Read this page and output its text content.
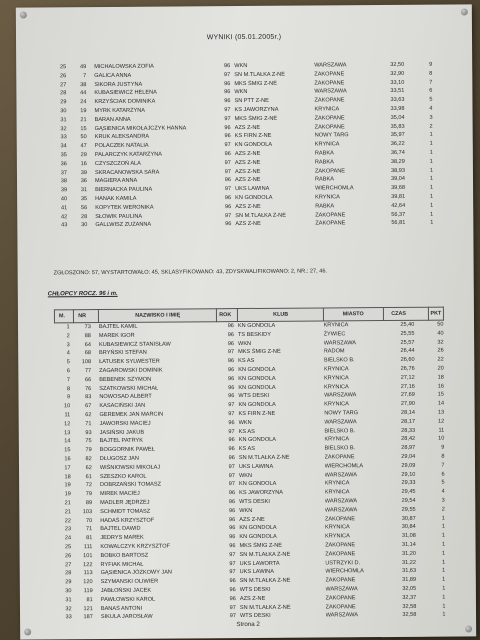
WYNIKI (05.01.2005r.)
25	49	MICHALOWSKA ZOFIA	96	WKN	WARSZAWA	32,50	9
26	7	GALICA ANNA	97	SN M.TLAŁKA Z-NE	ZAKOPANE	32,90	8
27	38	SIKORA JUSTYNA	96	MKS ŚMIG Z-NE	ZAKOPANE	33,10	7
28	44	KUBASIEWICZ HELENA	96	WKN	WARSZAWA	33,51	6
29	24	KRZYŚCIAK DOMINIKA	96	SN PTT Z-NE	ZAKOPANE	33,63	5
30	19	MYRK KATARZYNA	97	KS JAWORZYNA	KRYNICA	33,98	4
31	21	BARAN ANNA	97	MKS ŚMIG Z-NE	ZAKOPANE	35,04	3
32	15	GĄSIENICA MIKOŁAJCZYK HANNA	96	AZS Z-NE	ZAKOPANE	35,83	2
33	50	KRUK ALEKSANDRA	96	KS FIRN Z-NE	NOWY TARG	35,97	1
34	47	POLACZEK NATALIA	97	KN GONDOLA	KRYNICA	36,22	1
35	29	PALARCZYK KATARZYNA	96	AZS Z-NE	RABKA	36,74	1
36	16	CZYSZCZOŃ ALA	97	AZS Z-NE	RABKA	38,29	1
37	39	SKRACANOWSKA SARA	97	AZS Z-NE	ZAKOPANE	38,93	1
38	36	MAGIERA ANNA	96	AZS Z-NE	RABKA	39,04	1
39	31	BIERNACKA PAULINA	97	UKS LAWINA	WIERCHOMLA	39,68	1
40	35	HANAK KAMILA	96	KN GONDOLA	KRYNICA	39,81	1
41	56	KOPYTEK WERONIKA	96	AZS Z-NE	RABKA	42,64	1
42	28	SŁOWIK PAULINA	97	SN M.TLAŁKA Z-NE	ZAKOPANE	56,37	1
43	30	GALLWISZ ZUZANNA	96	AZS Z-NE	ZAKOPANE	56,81	1
ZGŁOSZONO: 57, WYSTARTOWAŁO: 45, SKLASYFIKOWANO: 43, ZDYSKWALIFIKOWANO: 2, NR.: 27, 46.
CHŁOPCY ROCZ. 96 i m.
M.	NR	NAZWISKO I IMIĘ	ROK	KLUB	MIASTO	CZAS	PKT
1	73	BAJTEL KAMIL	96	KN GONDOLA	KRYNICA	25,40	50
2	88	MAREK IGOR	96	TS BESKIDY	ŻYWIEC	25,55	40
3	64	KUBASIEWICZ STANISŁAW	96	WKN	WARSZAWA	25,57	32
4	68	BRYŃSKI STEFAN	97	MKS ŚMIG Z-NE	RADOM	26,44	26
5	108	ŁATUSEK SYLWESTER	96	KS AS	BIELSKO B.	26,60	22
6	77	ZAGAROWSKI DOMINIK	96	KN GONDOLA	KRYNICA	26,76	20
7	66	BEBENEK SZYMON	96	KN GONDOLA	KRYNICA	27,12	18
8	76	SZATKOWSKI MICHAŁ	96	KN GONDOLA	KRYNICA	27,16	16
9	83	NOWOSAD ALBERT	96	WTS DESKI	WARSZAWA	27,69	15
10	67	KASACIŃSKI JAN	97	KN GONDOLA	KRYNICA	27,90	14
11	62	GEREMEK JAN MARCIN	97	KS FIRN Z-NE	NOWY TARG	28,14	13
12	71	JAWORSKI MACIEJ	96	WKN	WARSZAWA	28,17	12
13	93	JASIŃSKI JAKUB	97	KS AS	BIELSKO B.	28,33	11
14	75	BAJTEL PATRYK	96	KN GONDOLA	KRYNICA	28,42	10
15	79	BOGGORNIK PAWEŁ	96	KS AS	BIELSKO B.	28,97	9
16	82	DŁUGOSZ JAN	96	SN M.TLAŁKA Z-NE	ZAKOPANE	29,04	8
17	62	WIŚNIOWSKI MIKOŁAJ	97	UKS LAWINA	WIERCHOMLA	29,09	7
18	61	SZESZKO KAROL	97	WKN	WARSZAWA	29,10	6
19	72	DOBRZAŃSKI TOMASZ	97	KN GONDOLA	KRYNICA	29,33	5
19	79	MIREK MACIEJ	96	KS JAWORZYNA	KRYNICA	29,45	4
21	89	MADLER JĘDRZEJ	96	WTS DESKI	WARSZAWA	29,54	3
21	103	SCHMIDT TOMASZ	96	WKN	WARSZAWA	29,55	2
22	70	HADAŚ KRZYSZTOF	96	AZS Z-NE	ZAKOPANE	30,87	1
23	71	BAJTEL DAWID	96	KN GONDOLA	KRYNICA	30,84	1
24	81	JEDRYS MAREK	96	KN GONDOLA	KRYNICA	31,08	1
25	111	KOWALCZYK KRZYSZTOF	96	MKS ŚMIG Z-NE	ZAKOPANE	31,14	1
26	101	BOBKO BARTOSZ	97	SN M.TLAŁKA Z-NE	ZAKOPANE	31,20	1
27	122	RYFIAK MICHAŁ	97	UKS LAWORTA	USTRZYKI D.	31,22	1
28	113	GĄSIENICA JÓZKOWY JAN	97	UKS LAWINA	WIERCHOMLA	31,63	1
29	120	SZYMANSKI OLIWIER	96	SN M.TLAŁKA Z-NE	ZAKOPANE	31,89	1
30	119	JABŁOŃSKI JACEK	96	WTS DESKI	WARSZAWA	32,05	1
31	81	PAWŁOWSKI KAROL	96	AZS Z-NE	ZAKOPANE	32,37	1
32	121	BANAŚ ANTONI	97	SN M.TLAŁKA Z-NE	ZAKOPANE	32,58	1
33	187	SIKULA JAROSŁAW	97	WTS DESKI	WARSZAWA	32,58	1
Strona 2
